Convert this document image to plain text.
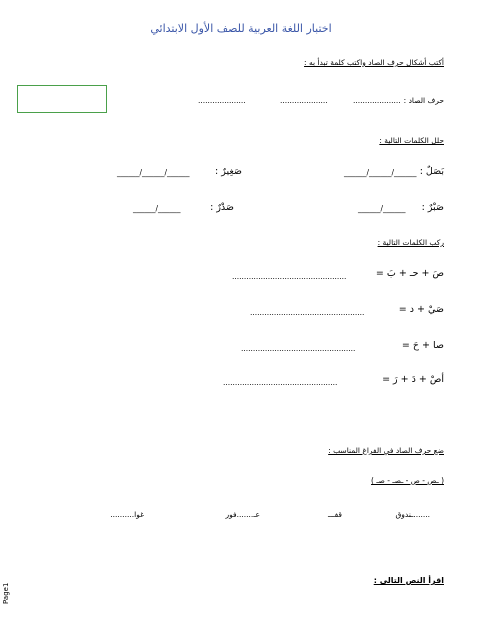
اختبار اللغة العربية للصف الأول الابتدائي
أكتب أشكال حرف الصاد واكتب كلمة تبدأ به :
حرف الصاد :
....................
....................
....................
حلل الكلمات التالية :
بَصَلٌ :
______/______/______
صَغِيرٌ :
______/______/______
صَبْرٌ :
______/______
صَدْرٌ :
______/______
ركب الكلمات التالية :
صَ + حـ + بَ =
................................................
صَيْ + د =
................................................
صا + حَ =
................................................
أصْ + دَ + رَ =
................................................
ضع حرف الصاد في الفراغ المناسب :
( ـص - ص - ـصـ - صـ )
.......ـندوق
قفـــ
عـ.......فور
غوا..........
اقرأ النص التالى :
Page1
